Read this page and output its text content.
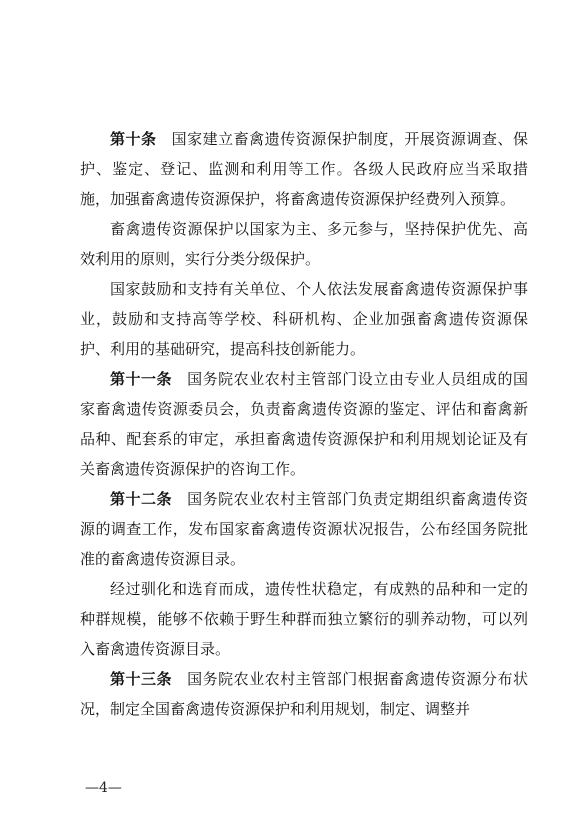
第十条 国家建立畜禽遗传资源保护制度，开展资源调查、保护、鉴定、登记、监测和利用等工作。各级人民政府应当采取措施，加强畜禽遗传资源保护，将畜禽遗传资源保护经费列入预算。

畜禽遗传资源保护以国家为主、多元参与，坚持保护优先、高效利用的原则，实行分类分级保护。

国家鼓励和支持有关单位、个人依法发展畜禽遗传资源保护事业，鼓励和支持高等学校、科研机构、企业加强畜禽遗传资源保护、利用的基础研究，提高科技创新能力。

第十一条 国务院农业农村主管部门设立由专业人员组成的国家畜禽遗传资源委员会，负责畜禽遗传资源的鉴定、评估和畜禽新品种、配套系的审定，承担畜禽遗传资源保护和利用规划论证及有关畜禽遗传资源保护的咨询工作。

第十二条 国务院农业农村主管部门负责定期组织畜禽遗传资源的调查工作，发布国家畜禽遗传资源状况报告，公布经国务院批准的畜禽遗传资源目录。

经过驯化和选育而成，遗传性状稳定，有成熟的品种和一定的种群规模，能够不依赖于野生种群而独立繁衍的驯养动物，可以列入畜禽遗传资源目录。

第十三条 国务院农业农村主管部门根据畜禽遗传资源分布状况，制定全国畜禽遗传资源保护和利用规划，制定、调整并

—4—
